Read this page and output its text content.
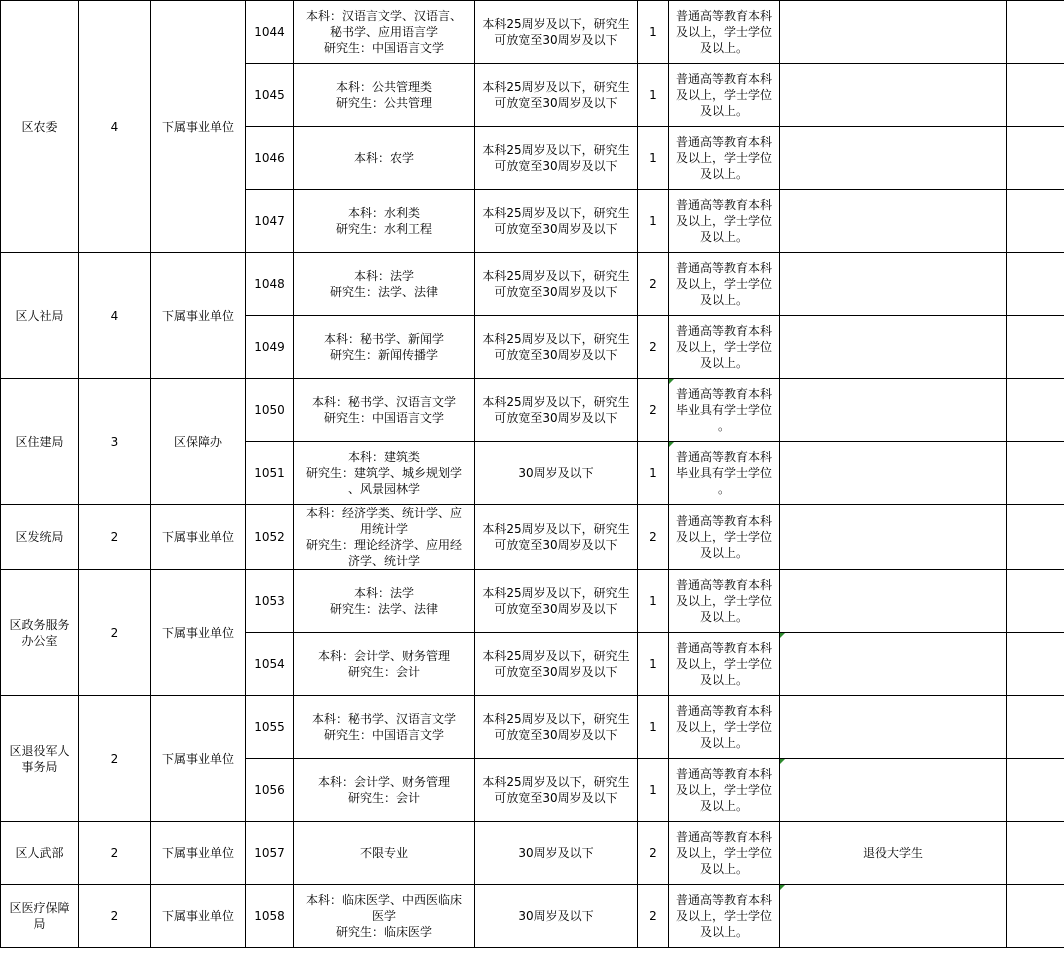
区农委	4	下属事业单位	1044	本科：汉语言文学、汉语言、
秘书学、应用语言学
研究生：中国语言文学	本科25周岁及以下，研究生
可放宽至30周岁及以下	1	普通高等教育本科
及以上，学士学位
及以上。		
			1045	本科：公共管理类
研究生：公共管理	本科25周岁及以下，研究生
可放宽至30周岁及以下	1	普通高等教育本科
及以上，学士学位
及以上。		
			1046	本科：农学	本科25周岁及以下，研究生
可放宽至30周岁及以下	1	普通高等教育本科
及以上，学士学位
及以上。		
			1047	本科：水利类
研究生：水利工程	本科25周岁及以下，研究生
可放宽至30周岁及以下	1	普通高等教育本科
及以上，学士学位
及以上。		
区人社局	4	下属事业单位	1048	本科：法学
研究生：法学、法律	本科25周岁及以下，研究生
可放宽至30周岁及以下	2	普通高等教育本科
及以上，学士学位
及以上。		
			1049	本科：秘书学、新闻学
研究生：新闻传播学	本科25周岁及以下，研究生
可放宽至30周岁及以下	2	普通高等教育本科
及以上，学士学位
及以上。		
区住建局	3	区保障办	1050	本科：秘书学、汉语言文学
研究生：中国语言文学	本科25周岁及以下，研究生
可放宽至30周岁及以下	2	普通高等教育本科
毕业具有学士学位
。		
			1051	本科：建筑类
研究生：建筑学、城乡规划学
、风景园林学	30周岁及以下	1	普通高等教育本科
毕业具有学士学位
。		
区发统局	2	下属事业单位	1052	本科：经济学类、统计学、应
用统计学
研究生：理论经济学、应用经
济学、统计学	本科25周岁及以下，研究生
可放宽至30周岁及以下	2	普通高等教育本科
及以上，学士学位
及以上。		
区政务服务
办公室	2	下属事业单位	1053	本科：法学
研究生：法学、法律	本科25周岁及以下，研究生
可放宽至30周岁及以下	1	普通高等教育本科
及以上，学士学位
及以上。		
			1054	本科：会计学、财务管理
研究生：会计	本科25周岁及以下，研究生
可放宽至30周岁及以下	1	普通高等教育本科
及以上，学士学位
及以上。		
区退役军人
事务局	2	下属事业单位	1055	本科：秘书学、汉语言文学
研究生：中国语言文学	本科25周岁及以下，研究生
可放宽至30周岁及以下	1	普通高等教育本科
及以上，学士学位
及以上。		
			1056	本科：会计学、财务管理
研究生：会计	本科25周岁及以下，研究生
可放宽至30周岁及以下	1	普通高等教育本科
及以上，学士学位
及以上。		
区人武部	2	下属事业单位	1057	不限专业	30周岁及以下	2	普通高等教育本科
及以上，学士学位
及以上。	退役大学生	
区医疗保障
局	2	下属事业单位	1058	本科：临床医学、中西医临床
医学
研究生：临床医学	30周岁及以下	2	普通高等教育本科
及以上，学士学位
及以上。		
